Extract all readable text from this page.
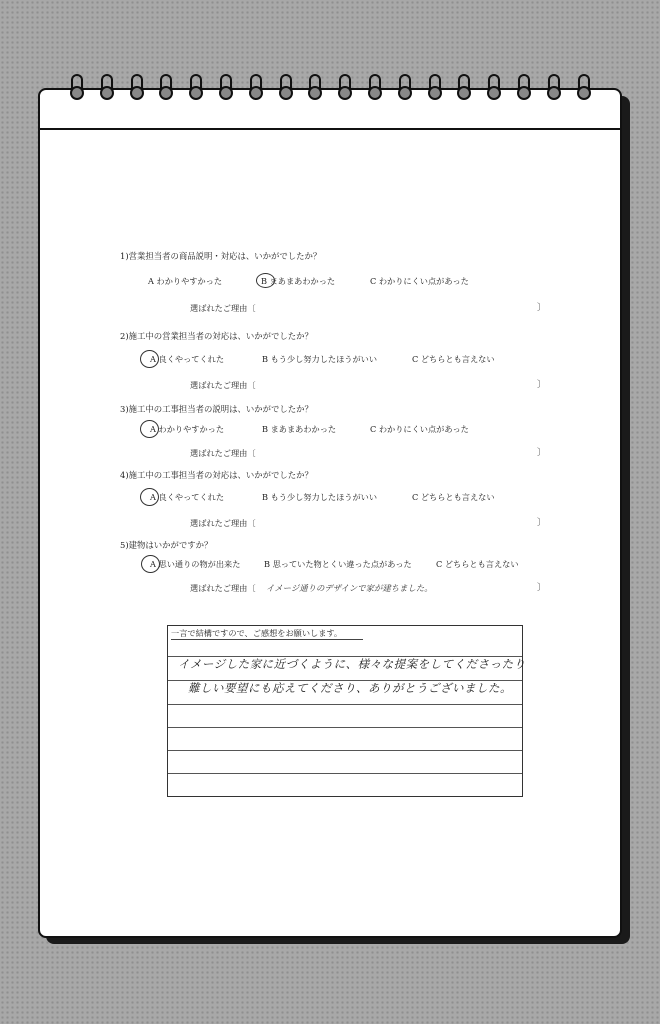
1)営業担当者の商品説明・対応は、いかがでしたか？
A わかりやすかった	B まあまあわかった	C わかりにくい点があった
選ばれたご理由〔	〕
2)施工中の営業担当者の対応は、いかがでしたか？
A 良くやってくれた	B もう少し努力したほうがいい	C どちらとも言えない
選ばれたご理由〔	〕
3)施工中の工事担当者の説明は、いかがでしたか？
A わかりやすかった	B まあまあわかった	C わかりにくい点があった
選ばれたご理由〔	〕
4)施工中の工事担当者の対応は、いかがでしたか？
A 良くやってくれた	B もう少し努力したほうがいい	C どちらとも言えない
選ばれたご理由〔	〕
5)建物はいかがですか？
A 思い通りの物が出来た	B 思っていた物とくい違った点があった	C どちらとも言えない
選ばれたご理由〔 イメージ通りのデザインで家が建ちました。	〕
一言で結構ですので、ご感想をお願いします。
イメージした家に近づくように、様々な提案をしてくださったり
難しい要望にも応えてくださり、ありがとうございました。
